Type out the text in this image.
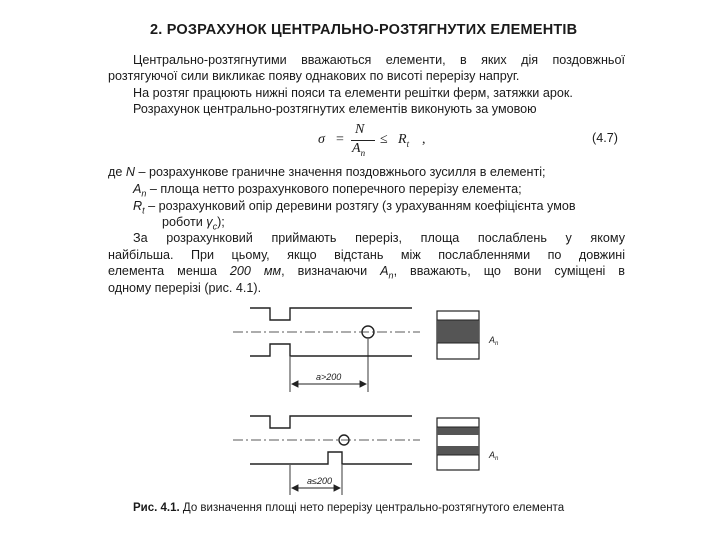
2. РОЗРАХУНОК ЦЕНТРАЛЬНО-РОЗТЯГНУТИХ ЕЛЕМЕНТІВ
Центрально-розтягнутими вважаються елементи, в яких дія поздовжньої
розтягуючої сили викликає появу однакових по висоті перерізу напруг.
На розтяг працюють нижні пояси та елементи решітки ферм, затяжки арок.
Розрахунок центрально-розтягнутих елементів виконують за умовою
σ =
N
$A_n$
≤ $R_t$ ,	(4.7)
де N – розрахункове граничне значення поздовжнього зусилля в елементі;
$A_n$ – площа нетто розрахункового поперечного перерізу елемента;
$R_t$ – розрахунковий опір деревини розтягу (з урахуванням коефіцієнта умов
роботи $\gamma_c$);
За розрахунковий приймають переріз, площа послаблень у якому
найбільша. При цьому, якщо відстань між послабленнями по довжині
елемента менша 200 мм, визначаючи $A_n$, вважають, що вони суміщені в
одному перерізі (рис. 4.1).
a>200
$A_n$
a≤200
$A_n$
Рис. 4.1. До визначення площі нето перерізу центрально-розтягнутого елемента
